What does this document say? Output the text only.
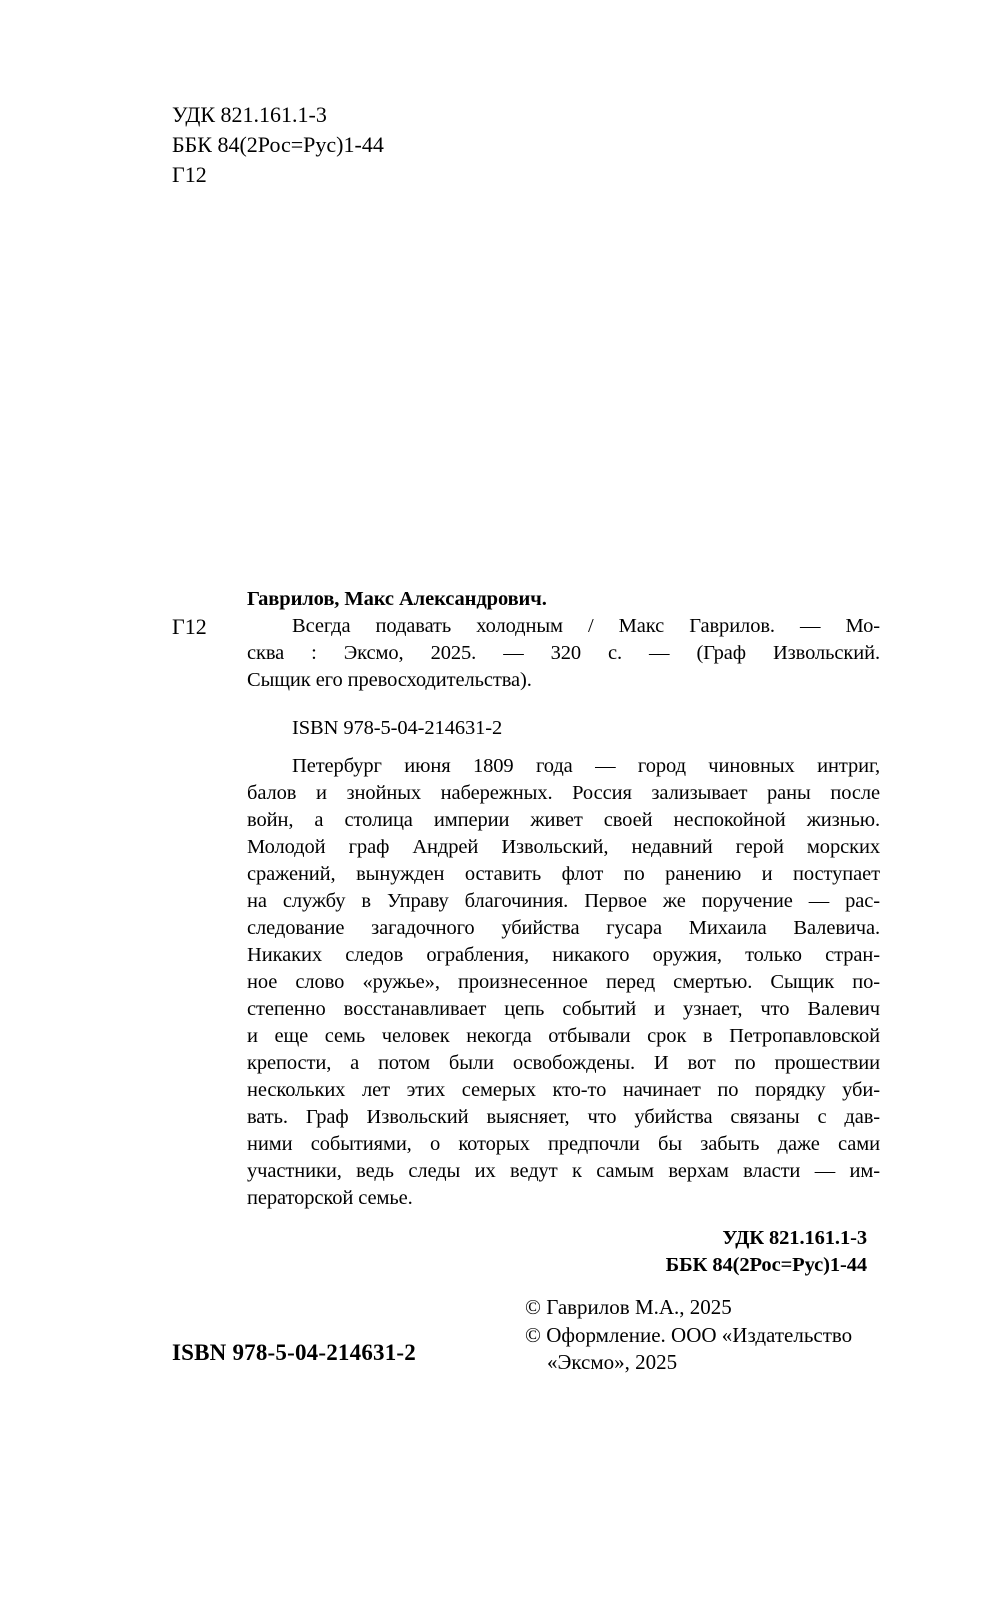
УДК 821.161.1-3
ББК 84(2Рос=Рус)1-44
Г12
Г12
Гаврилов, Макс Александрович.
Всегда подавать холодным / Макс Гаврилов. — Мо-
сква : Эксмо, 2025. — 320 с. — (Граф Извольский.
Сыщик его превосходительства).
ISBN 978-5-04-214631-2
Петербург июня 1809 года — город чиновных интриг,
балов и знойных набережных. Россия зализывает раны после
войн, а столица империи живет своей неспокойной жизнью.
Молодой граф Андрей Извольский, недавний герой морских
сражений, вынужден оставить флот по ранению и поступает
на службу в Управу благочиния. Первое же поручение — рас-
следование загадочного убийства гусара Михаила Валевича.
Никаких следов ограбления, никакого оружия, только стран-
ное слово «ружье», произнесенное перед смертью. Сыщик по-
степенно восстанавливает цепь событий и узнает, что Валевич
и еще семь человек некогда отбывали срок в Петропавловской
крепости, а потом были освобождены. И вот по прошествии
нескольких лет этих семерых кто-то начинает по порядку уби-
вать. Граф Извольский выясняет, что убийства связаны с дав-
ними событиями, о которых предпочли бы забыть даже сами
участники, ведь следы их ведут к самым верхам власти — им-
ператорской семье.
УДК 821.161.1-3
ББК 84(2Рос=Рус)1-44
© Гаврилов М.А., 2025
© Оформление. ООО «Издательство
«Эксмо», 2025
ISBN 978-5-04-214631-2
